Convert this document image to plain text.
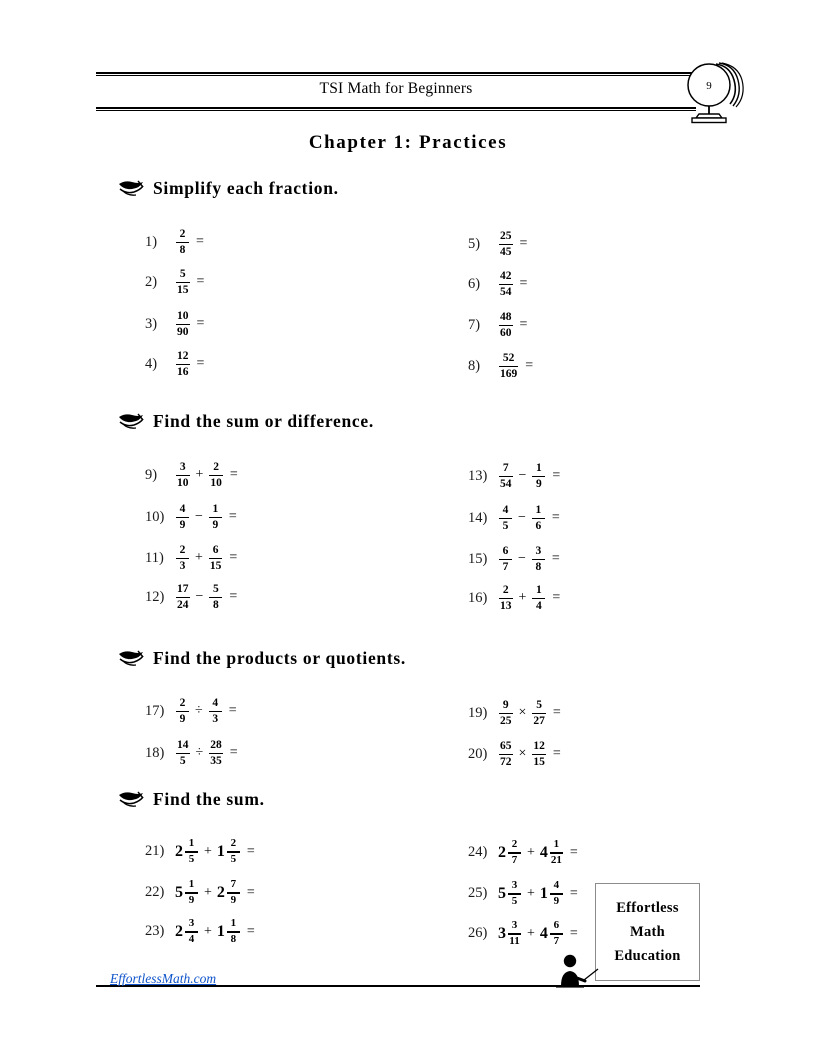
TSI Math for Beginners	9
Chapter 1: Practices
Simplify each fraction.
1)	$\frac{2}{8}$ =
2)	$\frac{5}{15}$ =
3)	$\frac{10}{90}$ =
4)	$\frac{12}{16}$ =
5)	$\frac{25}{45}$ =
6)	$\frac{42}{54}$ =
7)	$\frac{48}{60}$ =
8)	$\frac{52}{169}$ =
Find the sum or difference.
9)	$\frac{3}{10} + \frac{2}{10}$ =
10)	$\frac{4}{9} - \frac{1}{9}$ =
11)	$\frac{2}{3} + \frac{6}{15}$ =
12)	$\frac{17}{24} - \frac{5}{8}$ =
13)	$\frac{7}{54} - \frac{1}{9}$ =
14)	$\frac{4}{5} - \frac{1}{6}$ =
15)	$\frac{6}{7} - \frac{3}{8}$ =
16)	$\frac{2}{13} + \frac{1}{4}$ =
Find the products or quotients.
17)	$\frac{2}{9} \div \frac{4}{3}$ =
18)	$\frac{14}{5} \div \frac{28}{35}$ =
19)	$\frac{9}{25} \times \frac{5}{27}$ =
20)	$\frac{65}{72} \times \frac{12}{15}$ =
Find the sum.
21) $2 \frac{1}{5} + 1 \frac{2}{5}$ =
22) $5 \frac{1}{9} + 2 \frac{7}{9}$ =
23) $2 \frac{3}{4} + 1 \frac{1}{8}$ =
24) $2 \frac{2}{7} + 4 \frac{1}{21}$ =
25) $5 \frac{3}{5} + 1 \frac{4}{9}$ =
26) $3 \frac{3}{11} + 4 \frac{6}{7}$ =
Effortless
Math
Education
EffortlessMath.com
